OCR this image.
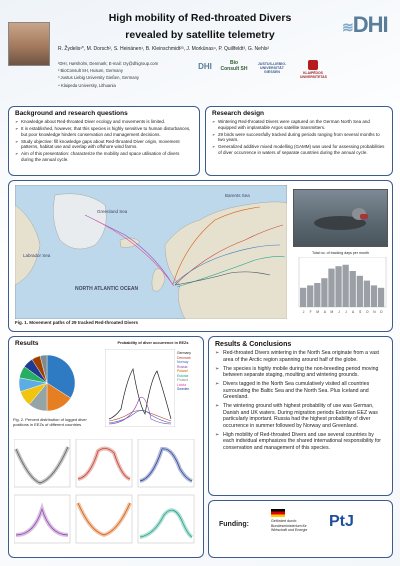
High mobility of Red-throated Divers
revealed by satellite telemetry	≋DHI
R. Žydelis¹*, M. Dorsch², S. Heinänen¹, B. Kleinschmidt²³, J. Morkūnas⁴, P. Quillfeldt³, G. Nehls²
¹DHI, Hørsholm, Denmark; E-mail: rzy@dhigroup.com
² BioConsult SH, Husum, Germany
³ Justus Liebig University Gießen, Germany
⁴ Klaipeda University, Lithuania
DHI	Bio Consult SH
JUSTUS-LIEBIG-UNIVERSITÄT GIESSEN	KLAIPĖDOS UNIVERSITETAS
Background and research questions
➢ Knowledge about Red-throated Diver ecology and movements is limited.
➢ It is established, however, that this species is highly sensitive to human disturbances, but poor knowledge hinders conservation and management decisions.
➢ Study objective: fill knowledge gaps about Red-throated Diver origin, movement patterns, habitat use and overlap with offshore wind farms.
➢ Aim of this presentation: characterize the mobility and space utilisation of divers during the annual cycle.
Research design
➢ Wintering Red-throated Divers were captured on the German North Sea and equipped with implantable Argos satellite transmitters.
➢ 29 birds were successfully tracked during periods ranging from several months to two years.
➢ Generalized additive mixed modelling (GAMM) was used for assessing probabilities of diver occurrence in waters of separate countries during the annual cycle.
Greenland Sea
Barents Sea
Labrador Sea
NORTH ATLANTIC OCEAN
Fig. 1. Movement paths of 29 tracked Red-throated Divers
Total no. of tracking days per month
J F M A M J J A S O N D
Results
Fig. 2. Percent distribution of logged diver positions in EEZs of different countries
Probability of diver occurrence in EEZs
Germany
Denmark
Norway
Russia
Poland
Estonia
Finland
Latvia
Sweden
Results & Conclusions
➢ Red-throated Divers wintering in the North Sea originate from a vast area of the Arctic region spanning around half of the globe.
➢ The species is highly mobile during the non-breeding period moving between separate staging, moulting and wintering grounds.
➢ Divers tagged in the North Sea cumulatively visited all countries surrounding the Baltic Sea and the North Sea. Plus Iceland and Greenland.
➢ The wintering ground with highest probability of use was German, Danish and UK waters. During migration periods Estonian EEZ was particularly important. Russia had the highest probability of diver occurrence in summer followed by Norway and Greenland.
➢ High mobility of Red-throated Divers and use several countries by each individual emphasizes the shared international responsibility for conservation and management of this species.
Funding:	Gefördert durch: Bundesministerium für Wirtschaft und Energie	PtJ
